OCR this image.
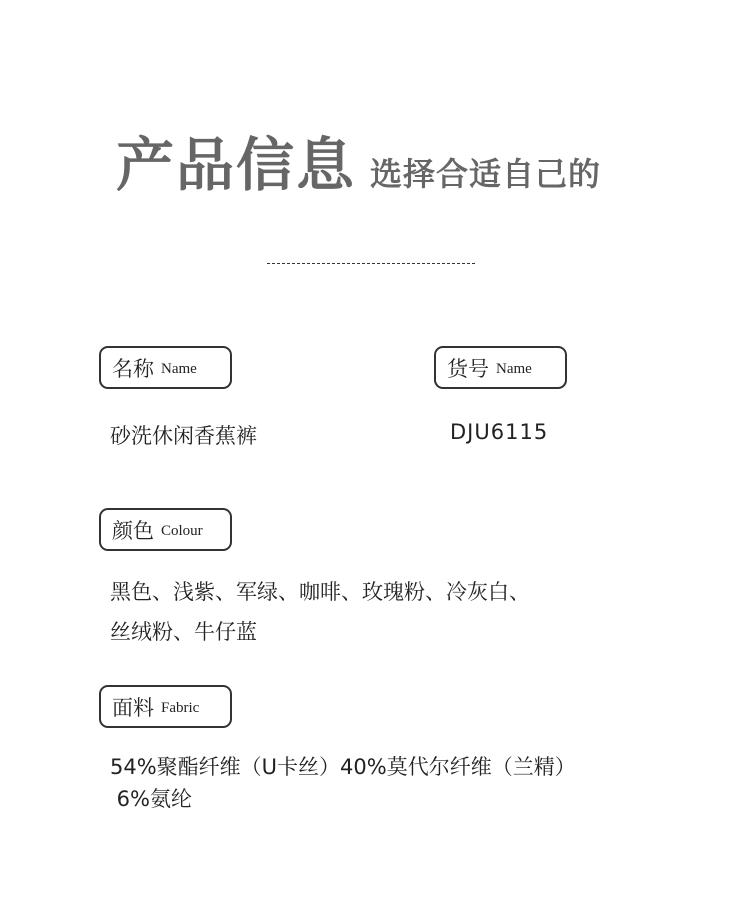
产品信息 选择合适自己的
名称 Name
砂洗休闲香蕉裤
货号 Name
DJU6115
颜色 Colour
黑色、浅紫、军绿、咖啡、玫瑰粉、冷灰白、
丝绒粉、牛仔蓝
面料 Fabric
54%聚酯纤维（U卡丝）40%莫代尔纤维（兰精）
6%氨纶
